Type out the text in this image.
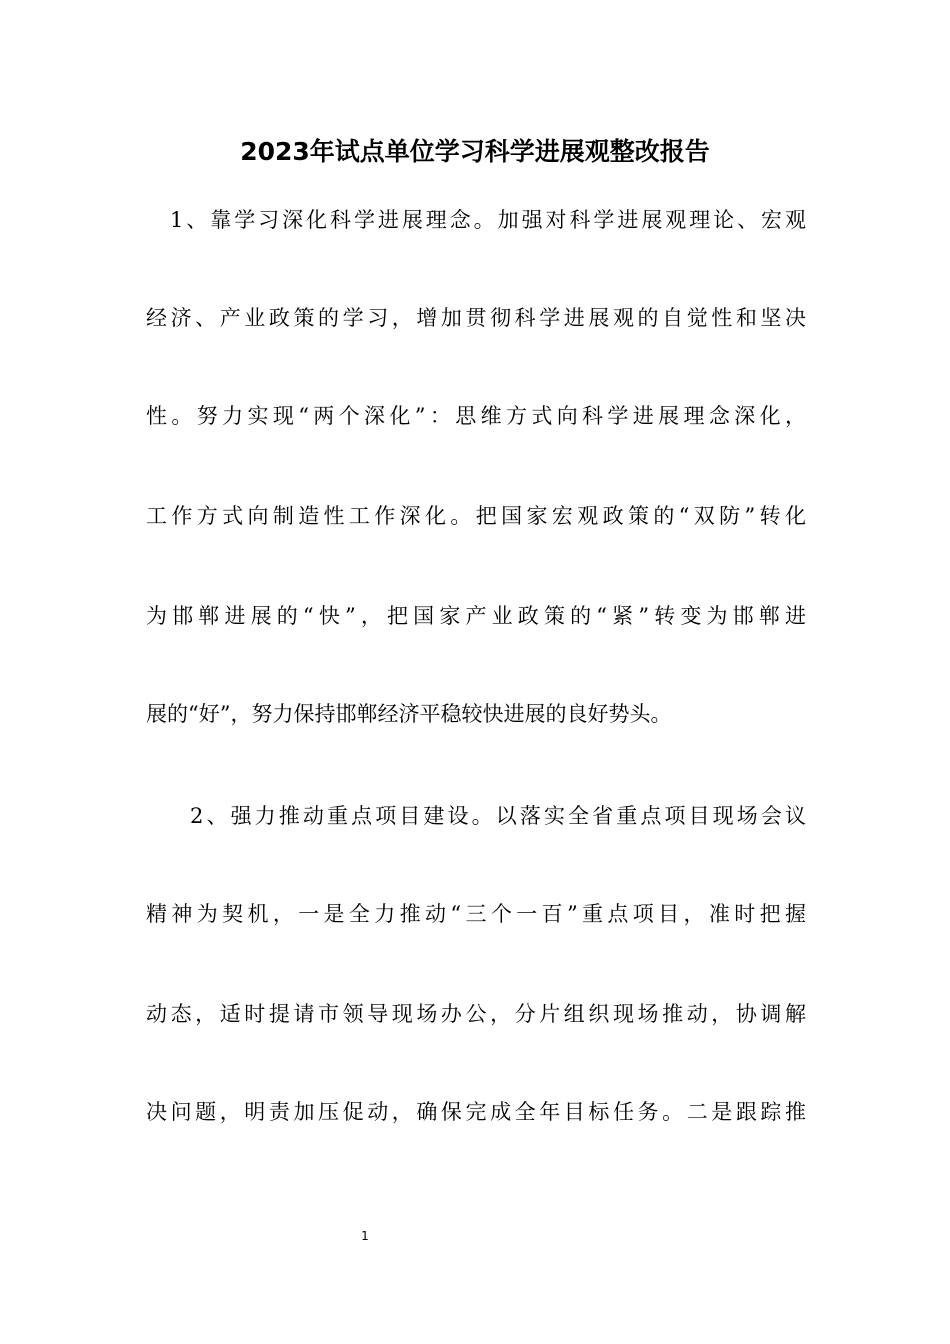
2023年试点单位学习科学进展观整改报告
1、靠学习深化科学进展理念。加强对科学进展观理论、宏观
经济、产业政策的学习，增加贯彻科学进展观的自觉性和坚决
性。努力实现“两个深化”：思维方式向科学进展理念深化，
工作方式向制造性工作深化。把国家宏观政策的“双防”转化
为邯郸进展的“快”，把国家产业政策的“紧”转变为邯郸进
展的“好”，努力保持邯郸经济平稳较快进展的良好势头。
2、强力推动重点项目建设。以落实全省重点项目现场会议
精神为契机，一是全力推动“三个一百”重点项目，准时把握
动态，适时提请市领导现场办公，分片组织现场推动，协调解
决问题，明责加压促动，确保完成全年目标任务。二是跟踪推
1
